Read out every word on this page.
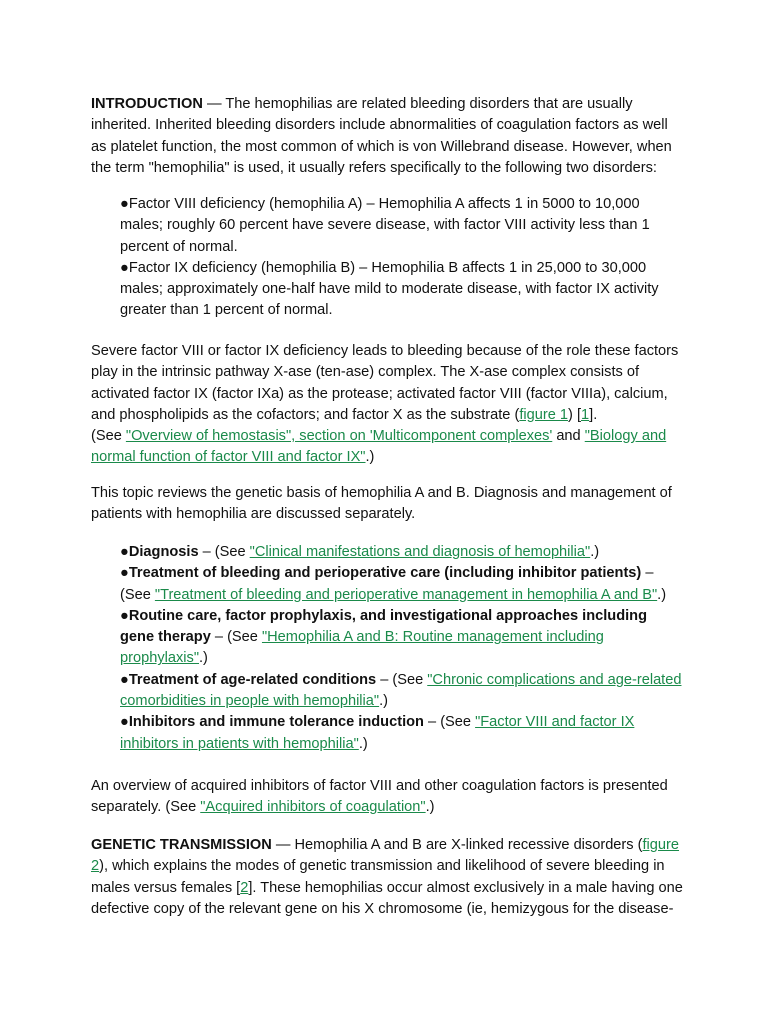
INTRODUCTION — The hemophilias are related bleeding disorders that are usually
inherited. Inherited bleeding disorders include abnormalities of coagulation factors as well
as platelet function, the most common of which is von Willebrand disease. However, when
the term "hemophilia" is used, it usually refers specifically to the following two disorders:
●Factor VIII deficiency (hemophilia A) – Hemophilia A affects 1 in 5000 to 10,000
males; roughly 60 percent have severe disease, with factor VIII activity less than 1
percent of normal.
●Factor IX deficiency (hemophilia B) – Hemophilia B affects 1 in 25,000 to 30,000
males; approximately one-half have mild to moderate disease, with factor IX activity
greater than 1 percent of normal.
Severe factor VIII or factor IX deficiency leads to bleeding because of the role these factors
play in the intrinsic pathway X-ase (ten-ase) complex. The X-ase complex consists of
activated factor IX (factor IXa) as the protease; activated factor VIII (factor VIIIa), calcium,
and phospholipids as the cofactors; and factor X as the substrate (figure 1) [1].
(See "Overview of hemostasis", section on 'Multicomponent complexes' and "Biology and
normal function of factor VIII and factor IX".)
This topic reviews the genetic basis of hemophilia A and B. Diagnosis and management of
patients with hemophilia are discussed separately.
●Diagnosis – (See "Clinical manifestations and diagnosis of hemophilia".)
●Treatment of bleeding and perioperative care (including inhibitor patients) –
(See "Treatment of bleeding and perioperative management in hemophilia A and B".)
●Routine care, factor prophylaxis, and investigational approaches including
gene therapy – (See "Hemophilia A and B: Routine management including
prophylaxis".)
●Treatment of age-related conditions – (See "Chronic complications and age-related
comorbidities in people with hemophilia".)
●Inhibitors and immune tolerance induction – (See "Factor VIII and factor IX
inhibitors in patients with hemophilia".)
An overview of acquired inhibitors of factor VIII and other coagulation factors is presented
separately. (See "Acquired inhibitors of coagulation".)
GENETIC TRANSMISSION — Hemophilia A and B are X-linked recessive disorders (figure
2), which explains the modes of genetic transmission and likelihood of severe bleeding in
males versus females [2]. These hemophilias occur almost exclusively in a male having one
defective copy of the relevant gene on his X chromosome (ie, hemizygous for the disease-
